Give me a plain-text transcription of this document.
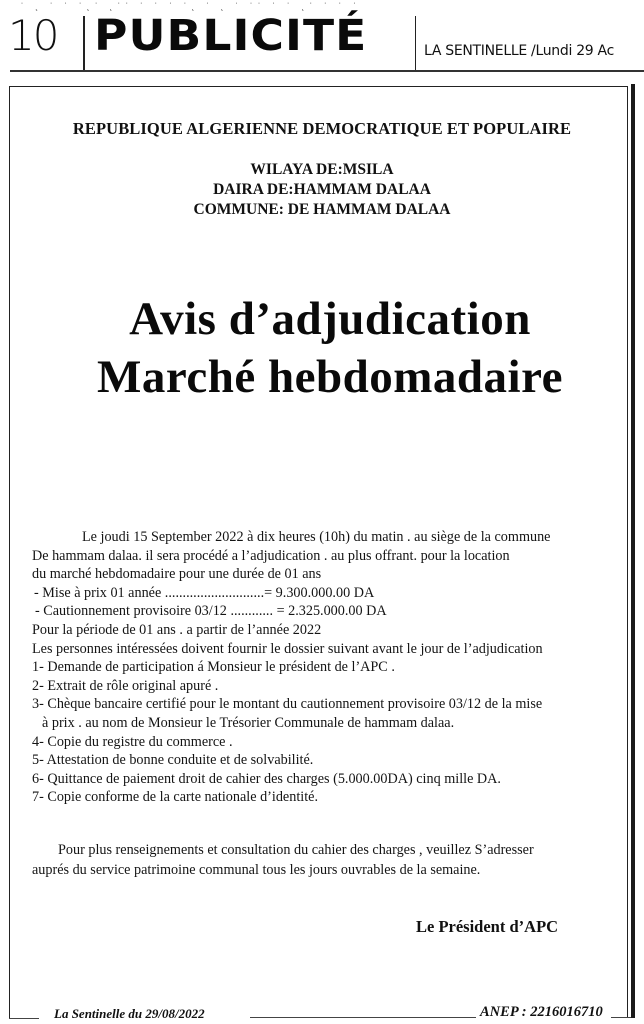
˙ ˛ ˙ ˙ ˙˛˙ ˛˙˙ ˙ ˙ ˙ ˙˛ ˙ ˛ ˙ ˙˙ ˙ ˙ ˛˙ ˙ ˙ ˙
10 PUBLICITÉ	LA SENTINELLE /Lundi 29 Ac
REPUBLIQUE ALGERIENNE DEMOCRATIQUE ET POPULAIRE
WILAYA DE:MSILA
DAIRA DE:HAMMAM DALAA
COMMUNE: DE HAMMAM DALAA
Avis d’adjudication
Marché hebdomadaire
Le joudi 15 September 2022 à dix heures (10h) du matin . au siège de la commune
De hammam dalaa. il sera procédé a l’adjudication . au plus offrant. pour la location
du marché hebdomadaire pour une durée de 01 ans
- Mise à prix 01 année ............................= 9.300.000.00 DA
- Cautionnement provisoire 03/12 ............ = 2.325.000.00 DA
Pour la période de 01 ans . a partir de l’année 2022
Les personnes intéressées doivent fournir le dossier suivant avant le jour de l’adjudication
1- Demande de participation á Monsieur le président de l’APC .
2- Extrait de rôle original apuré .
3- Chèque bancaire certifié pour le montant du cautionnement provisoire 03/12 de la mise
à prix . au nom de Monsieur le Trésorier Communale de hammam dalaa.
4- Copie du registre du commerce .
5- Attestation de bonne conduite et de solvabilité.
6- Quittance de paiement droit de cahier des charges (5.000.00DA) cinq mille DA.
7- Copie conforme de la carte nationale d’identité.
Pour plus renseignements et consultation du cahier des charges , veuillez S’adresser
auprés du service patrimoine communal tous les jours ouvrables de la semaine.
Le Président d’APC
La Sentinelle du 29/08/2022	ANEP : 2216016710
